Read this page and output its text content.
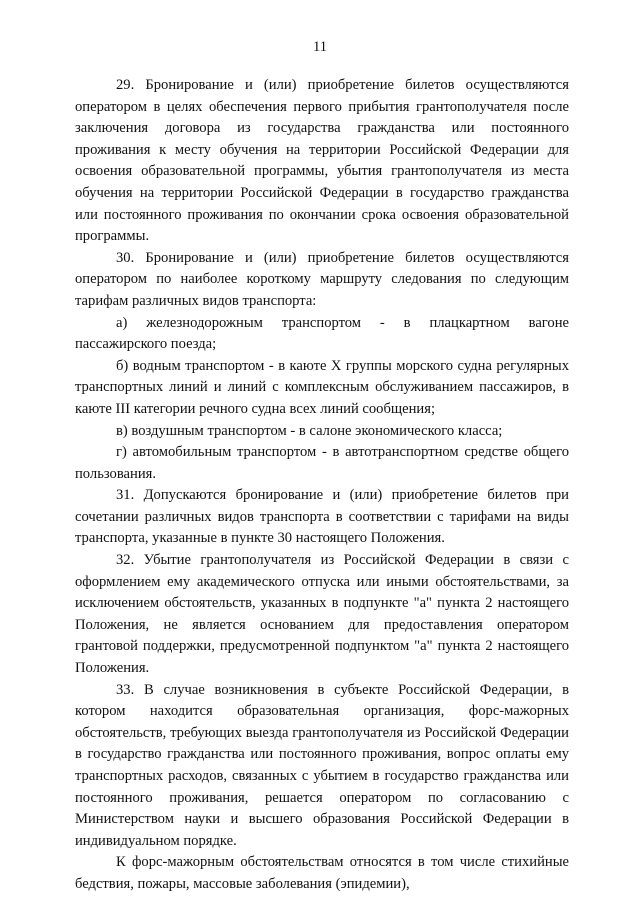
11

29. Бронирование и (или) приобретение билетов осуществляются оператором в целях обеспечения первого прибытия грантополучателя после заключения договора из государства гражданства или постоянного проживания к месту обучения на территории Российской Федерации для освоения образовательной программы, убытия грантополучателя из места обучения на территории Российской Федерации в государство гражданства или постоянного проживания по окончании срока освоения образовательной программы.

30. Бронирование и (или) приобретение билетов осуществляются оператором по наиболее короткому маршруту следования по следующим тарифам различных видов транспорта:

а) железнодорожным транспортом - в плацкартном вагоне пассажирского поезда;

б) водным транспортом - в каюте X группы морского судна регулярных транспортных линий и линий с комплексным обслуживанием пассажиров, в каюте III категории речного судна всех линий сообщения;

в) воздушным транспортом - в салоне экономического класса;

г) автомобильным транспортом - в автотранспортном средстве общего пользования.

31. Допускаются бронирование и (или) приобретение билетов при сочетании различных видов транспорта в соответствии с тарифами на виды транспорта, указанные в пункте 30 настоящего Положения.

32. Убытие грантополучателя из Российской Федерации в связи с оформлением ему академического отпуска или иными обстоятельствами, за исключением обстоятельств, указанных в подпункте "а" пункта 2 настоящего Положения, не является основанием для предоставления оператором грантовой поддержки, предусмотренной подпунктом "а" пункта 2 настоящего Положения.

33. В случае возникновения в субъекте Российской Федерации, в котором находится образовательная организация, форс-мажорных обстоятельств, требующих выезда грантополучателя из Российской Федерации в государство гражданства или постоянного проживания, вопрос оплаты ему транспортных расходов, связанных с убытием в государство гражданства или постоянного проживания, решается оператором по согласованию с Министерством науки и высшего образования Российской Федерации в индивидуальном порядке.

К форс-мажорным обстоятельствам относятся в том числе стихийные бедствия, пожары, массовые заболевания (эпидемии),
